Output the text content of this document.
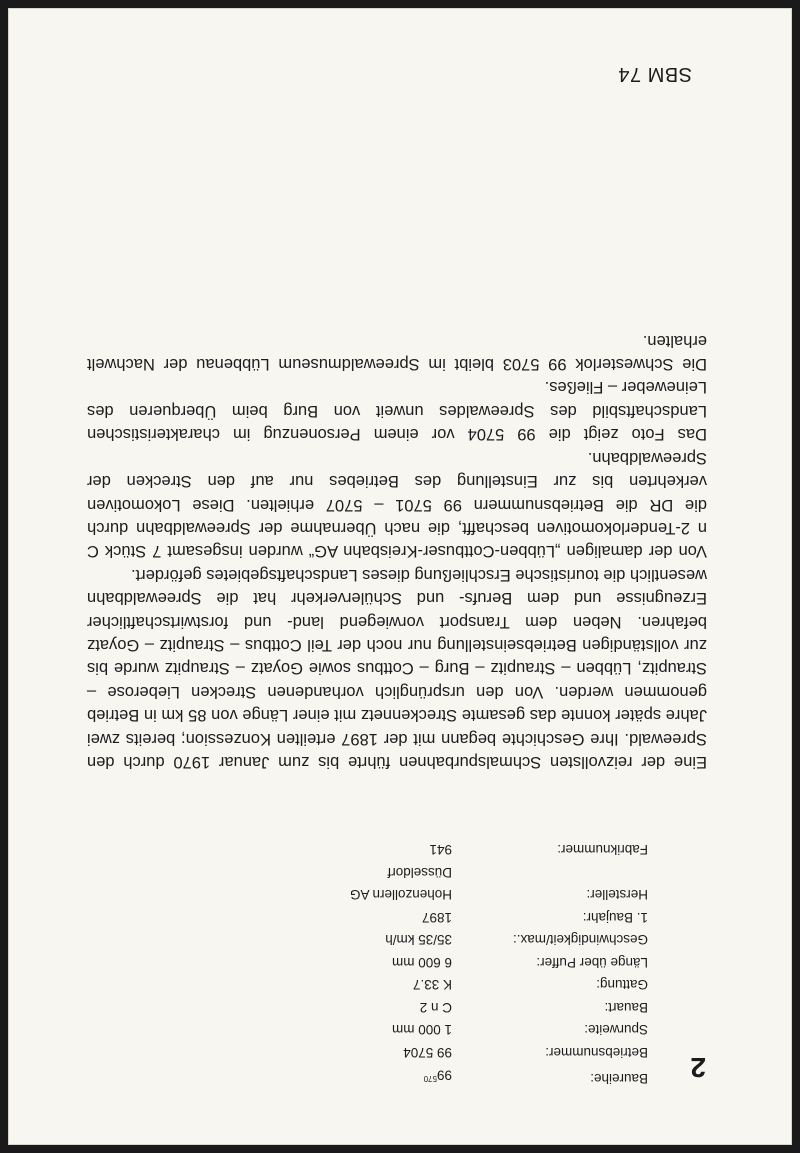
2
Baureihe:
$99^{570}$
Betriebsnummer:
99 5704
Spurweite:
1 000 mm
Bauart:
C n 2
Gattung:
K 33.7
Länge über Puffer:
6 600 mm
Geschwindigkeit/max.:
35/35 km/h
1. Baujahr:
1897
Hersteller:
Hohenzollern AG
Düsseldorf
Fabriknummer:
941

Eine der reizvollsten Schmalspurbahnen führte bis zum Januar 1970 durch den Spreewald. Ihre Geschichte begann mit der 1897 erteilten Konzession; bereits zwei Jahre später konnte das gesamte Streckennetz mit einer Länge von 85 km in Betrieb genommen werden. Von den ursprünglich vorhandenen Strecken Lieberose – Straupitz, Lübben – Straupitz – Burg – Cottbus sowie Goyatz – Straupitz wurde bis zur vollständigen Betriebseinstellung nur noch der Teil Cottbus – Straupitz – Goyatz befahren. Neben dem Transport vorwiegend land- und forstwirtschaftlicher Erzeugnisse und dem Berufs- und Schülerverkehr hat die Spreewaldbahn wesentlich die touristische Erschließung dieses Landschaftsgebietes gefördert.

Von der damaligen „Lübben-Cottbuser-Kreisbahn AG“ wurden insgesamt 7 Stück C n 2-Tenderlokomotiven beschafft, die nach Übernahme der Spreewaldbahn durch die DR die Betriebsnummern 99 5701 – 5707 erhielten. Diese Lokomotiven verkehrten bis zur Einstellung des Betriebes nur auf den Strecken der Spreewaldbahn.

Das Foto zeigt die 99 5704 vor einem Personenzug im charakteristischen Landschaftsbild des Spreewaldes unweit von Burg beim Überqueren des Leineweber – Fließes.

Die Schwesterlok 99 5703 bleibt im Spreewaldmuseum Lübbenau der Nachwelt erhalten.

SBM 74
